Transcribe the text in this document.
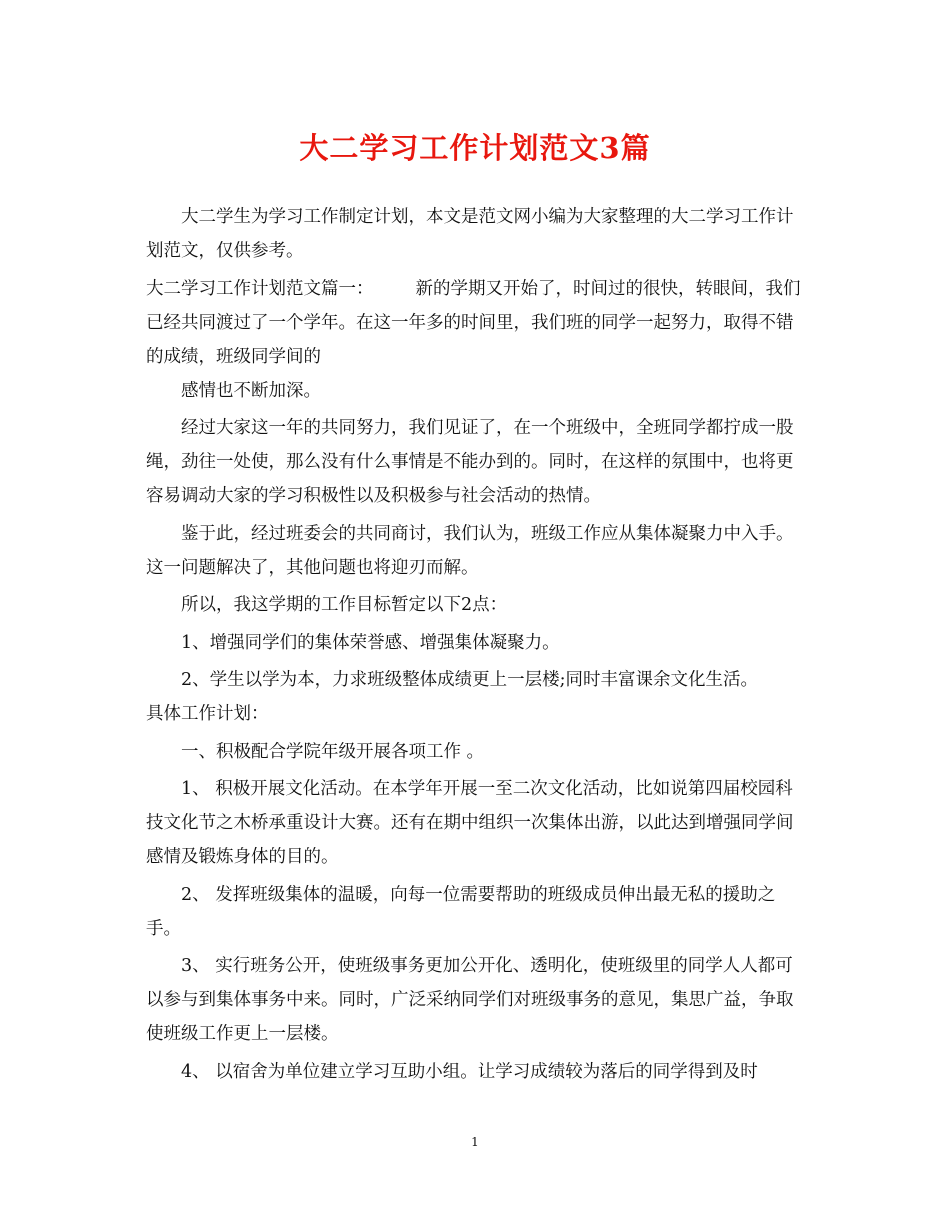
大二学习工作计划范文3篇

大二学生为学习工作制定计划，本文是范文网小编为大家整理的大二学习工作计划范文，仅供参考。

大二学习工作计划范文篇一： 新的学期又开始了，时间过的很快，转眼间，我们已经共同渡过了一个学年。在这一年多的时间里，我们班的同学一起努力，取得不错的成绩，班级同学间的

感情也不断加深。

经过大家这一年的共同努力，我们见证了，在一个班级中，全班同学都拧成一股绳，劲往一处使，那么没有什么事情是不能办到的。同时，在这样的氛围中，也将更容易调动大家的学习积极性以及积极参与社会活动的热情。

鉴于此，经过班委会的共同商讨，我们认为，班级工作应从集体凝聚力中入手。这一问题解决了，其他问题也将迎刃而解。

所以，我这学期的工作目标暂定以下2点：

1、增强同学们的集体荣誉感、增强集体凝聚力。

2、学生以学为本，力求班级整体成绩更上一层楼;同时丰富课余文化生活。

具体工作计划：

一、积极配合学院年级开展各项工作 。

1、 积极开展文化活动。在本学年开展一至二次文化活动，比如说第四届校园科技文化节之木桥承重设计大赛。还有在期中组织一次集体出游，以此达到增强同学间感情及锻炼身体的目的。

2、 发挥班级集体的温暖，向每一位需要帮助的班级成员伸出最无私的援助之手。

3、 实行班务公开，使班级事务更加公开化、透明化，使班级里的同学人人都可以参与到集体事务中来。同时，广泛采纳同学们对班级事务的意见，集思广益，争取使班级工作更上一层楼。

4、 以宿舍为单位建立学习互助小组。让学习成绩较为落后的同学得到及时

1
